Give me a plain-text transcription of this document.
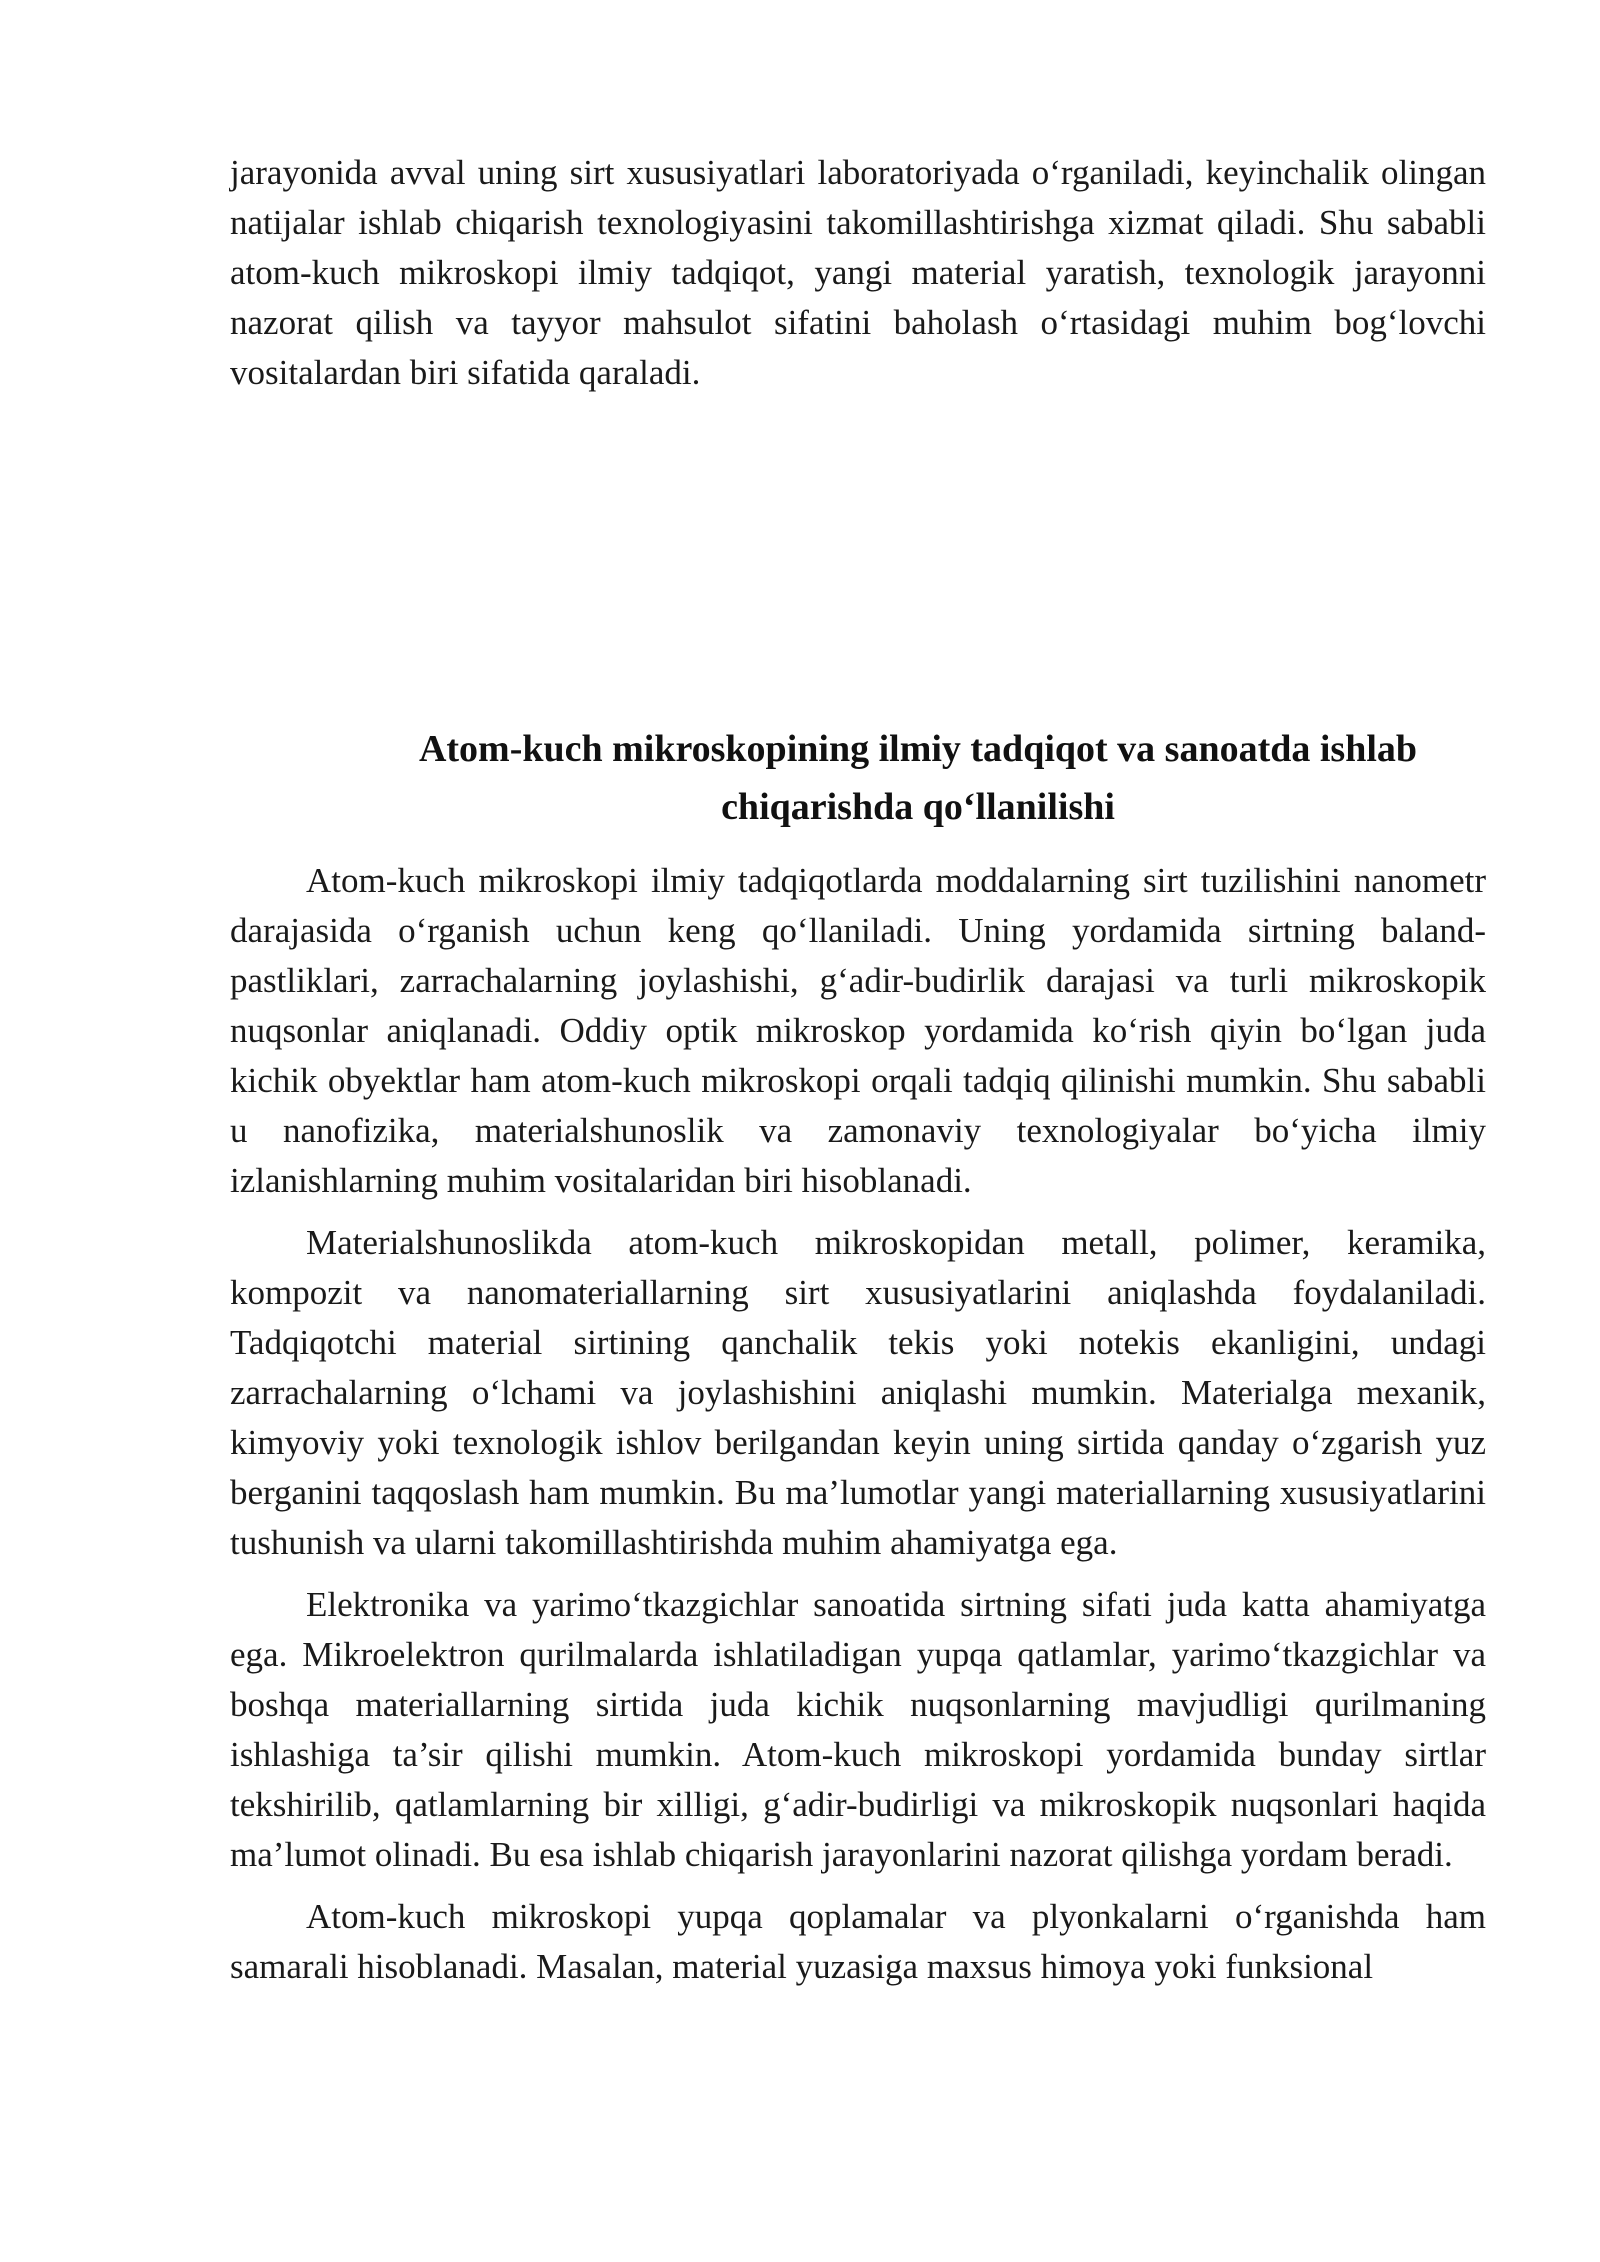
jarayonida avval uning sirt xususiyatlari laboratoriyada o‘rganiladi, keyinchalik olingan natijalar ishlab chiqarish texnologiyasini takomillashtirishga xizmat qiladi. Shu sababli atom-kuch mikroskopi ilmiy tadqiqot, yangi material yaratish, texnologik jarayonni nazorat qilish va tayyor mahsulot sifatini baholash o‘rtasidagi muhim bog‘lovchi vositalardan biri sifatida qaraladi.

Atom-kuch mikroskopining ilmiy tadqiqot va sanoatda ishlab chiqarishda qo‘llanilishi

Atom-kuch mikroskopi ilmiy tadqiqotlarda moddalarning sirt tuzilishini nanometr darajasida o‘rganish uchun keng qo‘llaniladi. Uning yordamida sirtning baland-pastliklari, zarrachalarning joylashishi, g‘adir-budirlik darajasi va turli mikroskopik nuqsonlar aniqlanadi. Oddiy optik mikroskop yordamida ko‘rish qiyin bo‘lgan juda kichik obyektlar ham atom-kuch mikroskopi orqali tadqiq qilinishi mumkin. Shu sababli u nanofizika, materialshunoslik va zamonaviy texnologiyalar bo‘yicha ilmiy izlanishlarning muhim vositalaridan biri hisoblanadi.

Materialshunoslikda atom-kuch mikroskopidan metall, polimer, keramika, kompozit va nanomateriallarning sirt xususiyatlarini aniqlashda foydalaniladi. Tadqiqotchi material sirtining qanchalik tekis yoki notekis ekanligini, undagi zarrachalarning o‘lchami va joylashishini aniqlashi mumkin. Materialga mexanik, kimyoviy yoki texnologik ishlov berilgandan keyin uning sirtida qanday o‘zgarish yuz berganini taqqoslash ham mumkin. Bu ma’lumotlar yangi materiallarning xususiyatlarini tushunish va ularni takomillashtirishda muhim ahamiyatga ega.

Elektronika va yarimo‘tkazgichlar sanoatida sirtning sifati juda katta ahamiyatga ega. Mikroelektron qurilmalarda ishlatiladigan yupqa qatlamlar, yarimo‘tkazgichlar va boshqa materiallarning sirtida juda kichik nuqsonlarning mavjudligi qurilmaning ishlashiga ta’sir qilishi mumkin. Atom-kuch mikroskopi yordamida bunday sirtlar tekshirilib, qatlamlarning bir xilligi, g‘adir-budirligi va mikroskopik nuqsonlari haqida ma’lumot olinadi. Bu esa ishlab chiqarish jarayonlarini nazorat qilishga yordam beradi.

Atom-kuch mikroskopi yupqa qoplamalar va plyonkalarni o‘rganishda ham samarali hisoblanadi. Masalan, material yuzasiga maxsus himoya yoki funksional
